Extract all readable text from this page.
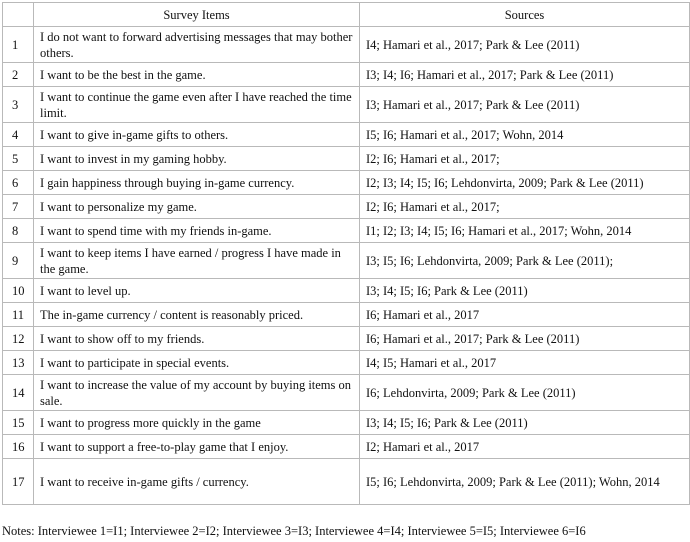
	Survey Items	Sources
1	I do not want to forward advertising messages that may bother others.	I4; Hamari et al., 2017; Park & Lee (2011)
2	I want to be the best in the game.	I3; I4; I6; Hamari et al., 2017; Park & Lee (2011)
3	I want to continue the game even after I have reached the time limit.	I3; Hamari et al., 2017; Park & Lee (2011)
4	I want to give in-game gifts to others.	I5; I6; Hamari et al., 2017; Wohn, 2014
5	I want to invest in my gaming hobby.	I2; I6; Hamari et al., 2017;
6	I gain happiness through buying in-game currency.	I2; I3; I4; I5; I6; Lehdonvirta, 2009; Park & Lee (2011)
7	I want to personalize my game.	I2; I6; Hamari et al., 2017;
8	I want to spend time with my friends in-game.	I1; I2; I3; I4; I5; I6; Hamari et al., 2017; Wohn, 2014
9	I want to keep items I have earned / progress I have made in the game.	I3; I5; I6; Lehdonvirta, 2009; Park & Lee (2011);
10	I want to level up.	I3; I4; I5; I6; Park & Lee (2011)
11	The in-game currency / content is reasonably priced.	I6; Hamari et al., 2017
12	I want to show off to my friends.	I6; Hamari et al., 2017; Park & Lee (2011)
13	I want to participate in special events.	I4; I5; Hamari et al., 2017
14	I want to increase the value of my account by buying items on sale.	I6; Lehdonvirta, 2009; Park & Lee (2011)
15	I want to progress more quickly in the game	I3; I4; I5; I6; Park & Lee (2011)
16	I want to support a free-to-play game that I enjoy.	I2; Hamari et al., 2017
17	I want to receive in-game gifts / currency.	I5; I6; Lehdonvirta, 2009; Park & Lee (2011); Wohn, 2014
Notes: Interviewee 1=I1; Interviewee 2=I2; Interviewee 3=I3; Interviewee 4=I4; Interviewee 5=I5; Interviewee 6=I6
